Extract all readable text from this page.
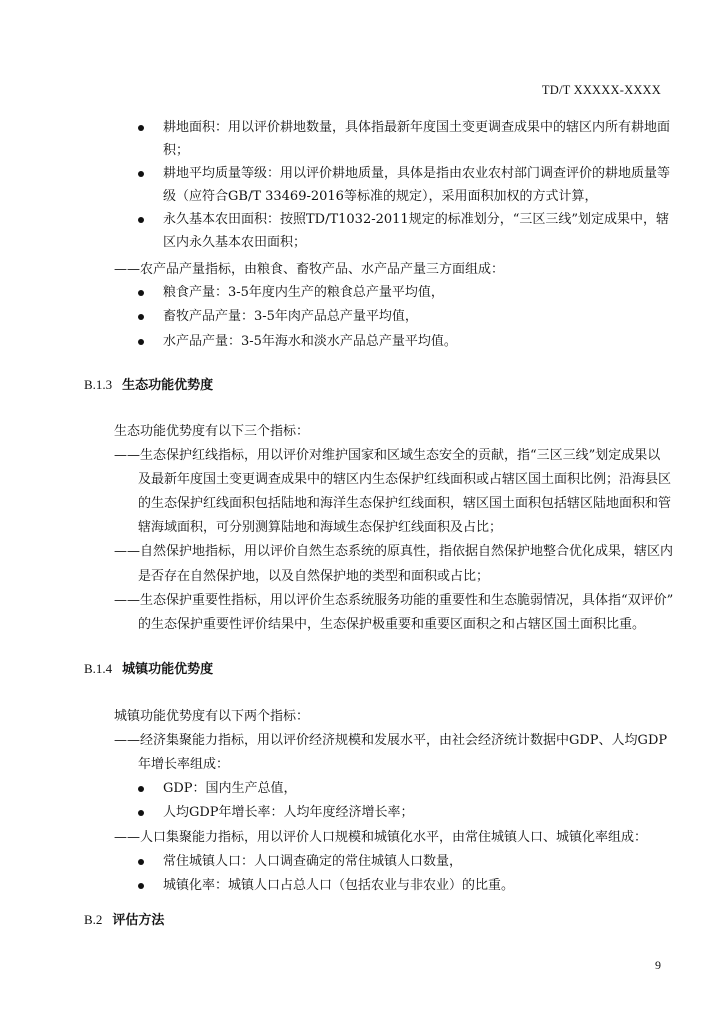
TD/T XXXXX-XXXX
耕地面积：用以评价耕地数量，具体指最新年度国土变更调查成果中的辖区内所有耕地面
积；
耕地平均质量等级：用以评价耕地质量，具体是指由农业农村部门调查评价的耕地质量等
级（应符合GB/T 33469-2016等标准的规定），采用面积加权的方式计算，
永久基本农田面积：按照TD/T1032-2011规定的标准划分，“三区三线”划定成果中，辖
区内永久基本农田面积；
——农产品产量指标，由粮食、畜牧产品、水产品产量三方面组成：
粮食产量：3-5年度内生产的粮食总产量平均值，
畜牧产品产量：3-5年肉产品总产量平均值，
水产品产量：3-5年海水和淡水产品总产量平均值。
B.1.3 生态功能优势度
生态功能优势度有以下三个指标：
——生态保护红线指标，用以评价对维护国家和区域生态安全的贡献，指“三区三线”划定成果以
及最新年度国土变更调查成果中的辖区内生态保护红线面积或占辖区国土面积比例；沿海县区
的生态保护红线面积包括陆地和海洋生态保护红线面积，辖区国土面积包括辖区陆地面积和管
辖海域面积，可分别测算陆地和海域生态保护红线面积及占比；
——自然保护地指标，用以评价自然生态系统的原真性，指依据自然保护地整合优化成果，辖区内
是否存在自然保护地，以及自然保护地的类型和面积或占比；
——生态保护重要性指标，用以评价生态系统服务功能的重要性和生态脆弱情况，具体指“双评价”
的生态保护重要性评价结果中，生态保护极重要和重要区面积之和占辖区国土面积比重。
B.1.4 城镇功能优势度
城镇功能优势度有以下两个指标：
——经济集聚能力指标，用以评价经济规模和发展水平，由社会经济统计数据中GDP、人均GDP
年增长率组成：
GDP：国内生产总值，
人均GDP年增长率：人均年度经济增长率；
——人口集聚能力指标，用以评价人口规模和城镇化水平，由常住城镇人口、城镇化率组成：
常住城镇人口：人口调查确定的常住城镇人口数量，
城镇化率：城镇人口占总人口（包括农业与非农业）的比重。
B.2 评估方法
9
